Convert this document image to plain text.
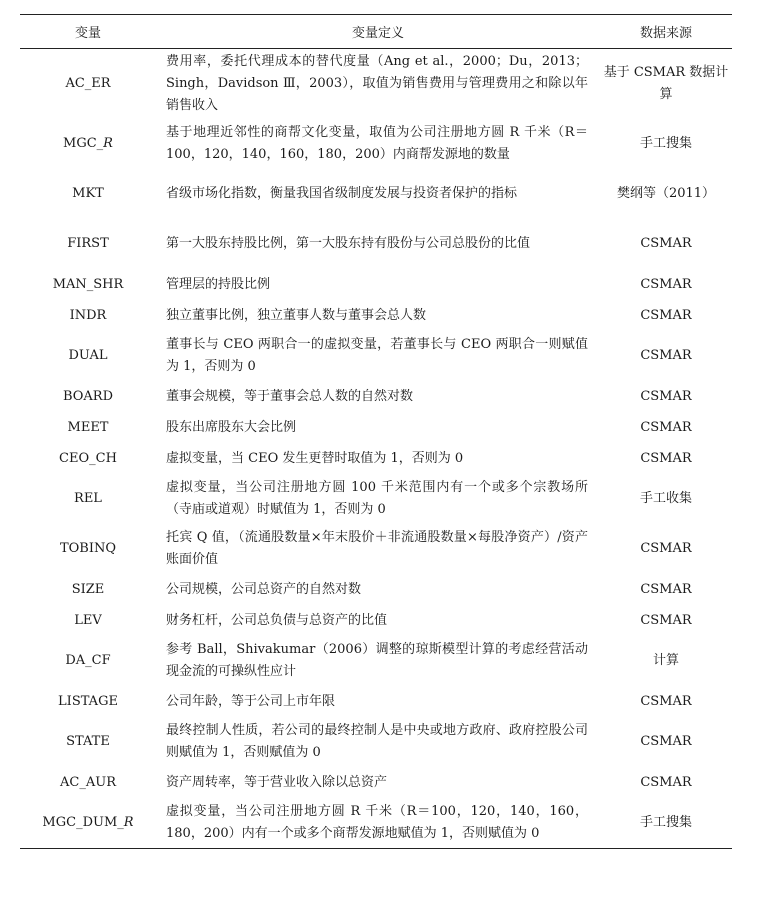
变量	变量定义	数据来源
AC_ER	费用率，委托代理成本的替代度量（Ang et al.，2000；Du，2013；Singh，Davidson Ⅲ，2003），取值为销售费用与管理费用之和除以年销售收入	基于 CSMAR 数据计算
MGC_R	基于地理近邻性的商帮文化变量，取值为公司注册地方圆 R 千米（R＝100，120，140，160，180，200）内商帮发源地的数量	手工搜集
MKT	省级市场化指数，衡量我国省级制度发展与投资者保护的指标	樊纲等（2011）
FIRST	第一大股东持股比例，第一大股东持有股份与公司总股份的比值	CSMAR
MAN_SHR	管理层的持股比例	CSMAR
INDR	独立董事比例，独立董事人数与董事会总人数	CSMAR
DUAL	董事长与 CEO 两职合一的虚拟变量，若董事长与 CEO 两职合一则赋值为 1，否则为 0	CSMAR
BOARD	董事会规模，等于董事会总人数的自然对数	CSMAR
MEET	股东出席股东大会比例	CSMAR
CEO_CH	虚拟变量，当 CEO 发生更替时取值为 1，否则为 0	CSMAR
REL	虚拟变量，当公司注册地方圆 100 千米范围内有一个或多个宗教场所（寺庙或道观）时赋值为 1，否则为 0	手工收集
TOBINQ	托宾 Q 值，（流通股数量×年末股价＋非流通股数量×每股净资产）/资产账面价值	CSMAR
SIZE	公司规模，公司总资产的自然对数	CSMAR
LEV	财务杠杆，公司总负债与总资产的比值	CSMAR
DA_CF	参考 Ball，Shivakumar（2006）调整的琼斯模型计算的考虑经营活动现金流的可操纵性应计	计算
LISTAGE	公司年龄，等于公司上市年限	CSMAR
STATE	最终控制人性质，若公司的最终控制人是中央或地方政府、政府控股公司则赋值为 1，否则赋值为 0	CSMAR
AC_AUR	资产周转率，等于营业收入除以总资产	CSMAR
MGC_DUM_R	虚拟变量，当公司注册地方圆 R 千米（R＝100，120，140，160，180，200）内有一个或多个商帮发源地赋值为 1，否则赋值为 0	手工搜集
